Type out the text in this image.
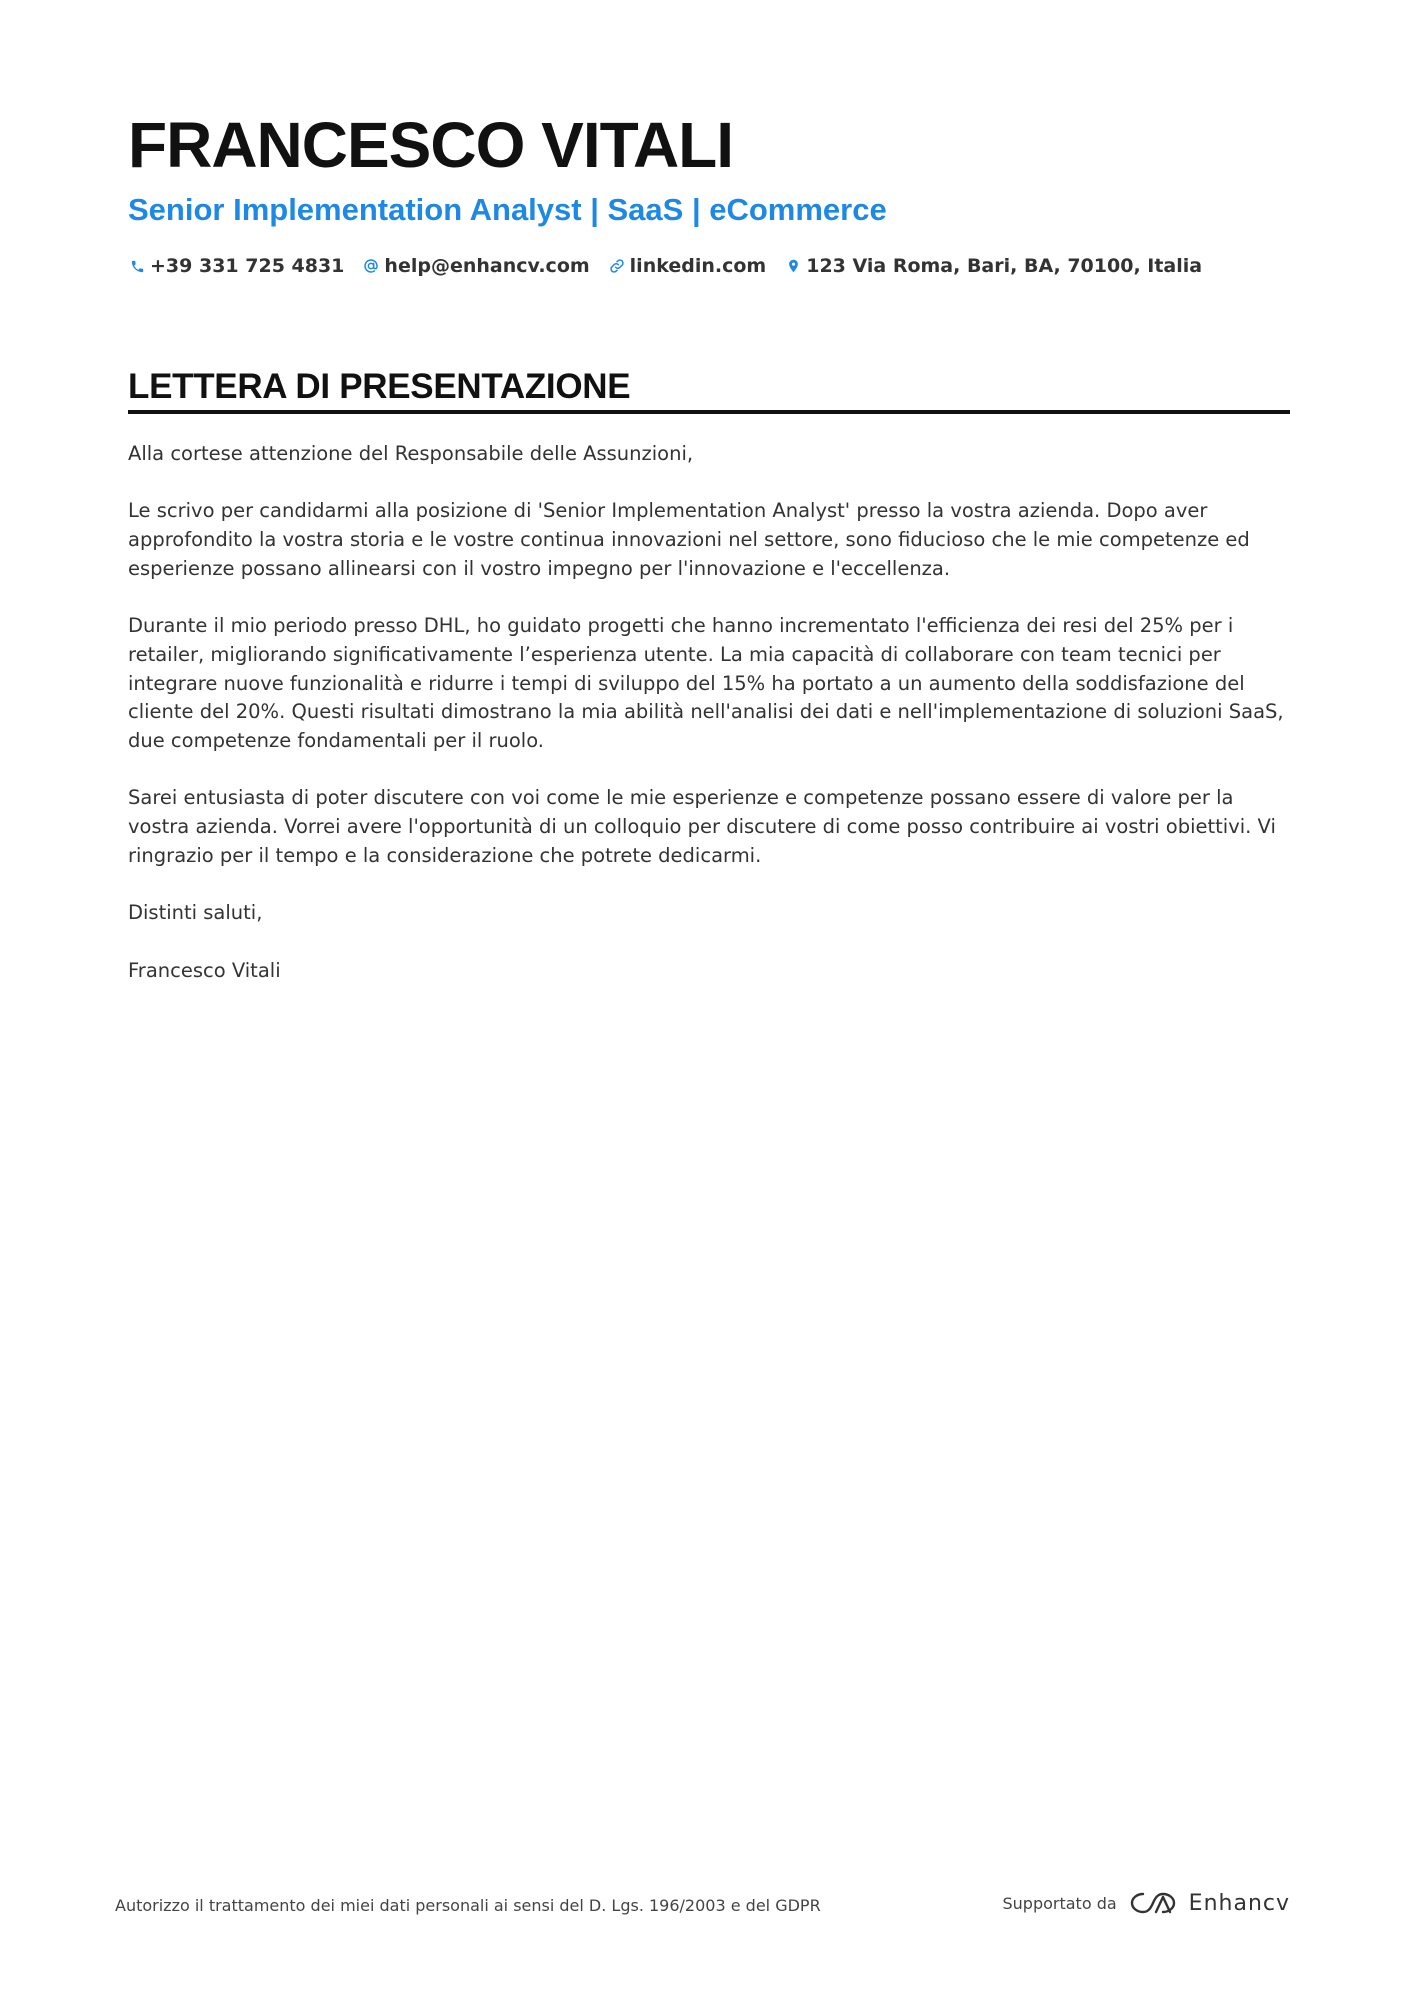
FRANCESCO VITALI
Senior Implementation Analyst | SaaS | eCommerce
+39 331 725 4831 help@enhancv.com linkedin.com 123 Via Roma, Bari, BA, 70100, Italia
LETTERA DI PRESENTAZIONE

Alla cortese attenzione del Responsabile delle Assunzioni,

Le scrivo per candidarmi alla posizione di 'Senior Implementation Analyst' presso la vostra azienda. Dopo aver approfondito la vostra storia e le vostre continua innovazioni nel settore, sono fiducioso che le mie competenze ed esperienze possano allinearsi con il vostro impegno per l'innovazione e l'eccellenza.

Durante il mio periodo presso DHL, ho guidato progetti che hanno incrementato l'efficienza dei resi del 25% per i retailer, migliorando significativamente l’esperienza utente. La mia capacità di collaborare con team tecnici per integrare nuove funzionalità e ridurre i tempi di sviluppo del 15% ha portato a un aumento della soddisfazione del cliente del 20%. Questi risultati dimostrano la mia abilità nell'analisi dei dati e nell'implementazione di soluzioni SaaS, due competenze fondamentali per il ruolo.

Sarei entusiasta di poter discutere con voi come le mie esperienze e competenze possano essere di valore per la vostra azienda. Vorrei avere l'opportunità di un colloquio per discutere di come posso contribuire ai vostri obiettivi. Vi ringrazio per il tempo e la considerazione che potrete dedicarmi.

Distinti saluti,

Francesco Vitali

Autorizzo il trattamento dei miei dati personali ai sensi del D. Lgs. 196/2003 e del GDPR	Supportato da	Enhancv
